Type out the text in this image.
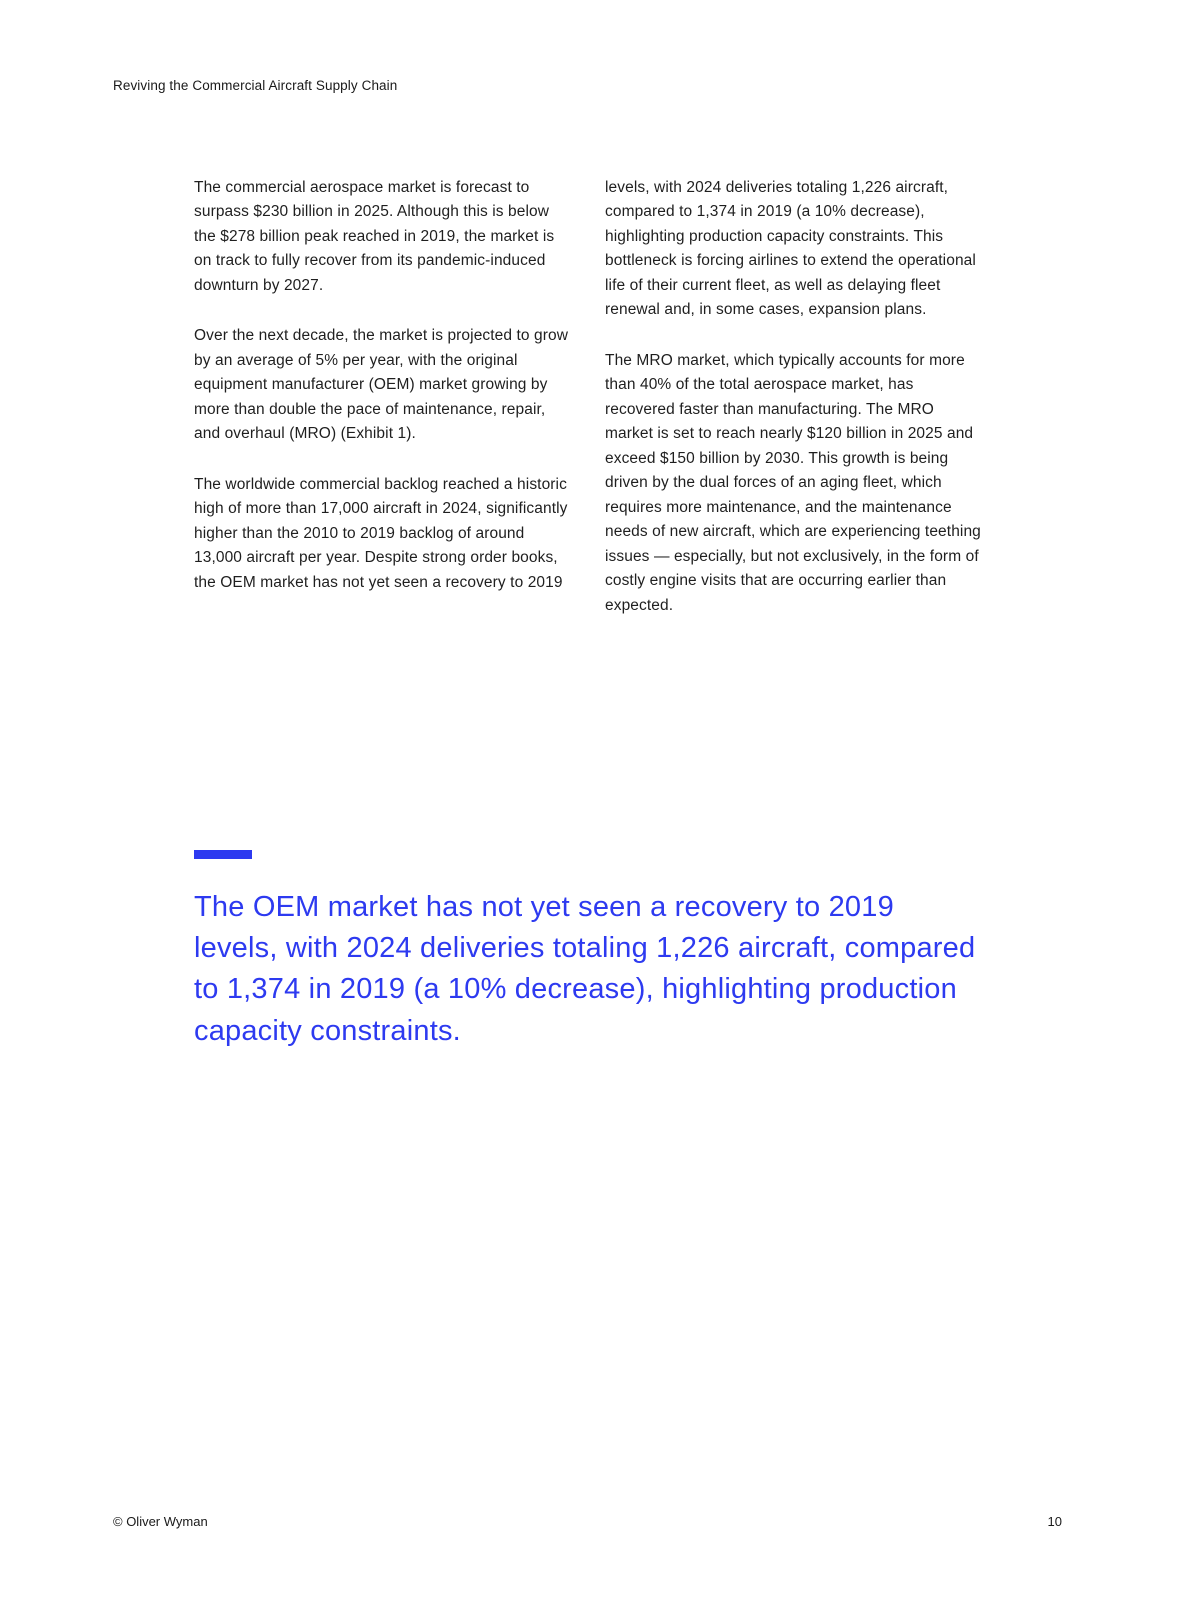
Reviving the Commercial Aircraft Supply Chain

The commercial aerospace market is forecast to surpass $230 billion in 2025. Although this is below the $278 billion peak reached in 2019, the market is on track to fully recover from its pandemic-induced downturn by 2027.

Over the next decade, the market is projected to grow by an average of 5% per year, with the original equipment manufacturer (OEM) market growing by more than double the pace of maintenance, repair, and overhaul (MRO) (Exhibit 1).

The worldwide commercial backlog reached a historic high of more than 17,000 aircraft in 2024, significantly higher than the 2010 to 2019 backlog of around 13,000 aircraft per year. Despite strong order books, the OEM market has not yet seen a recovery to 2019

levels, with 2024 deliveries totaling 1,226 aircraft, compared to 1,374 in 2019 (a 10% decrease), highlighting production capacity constraints. This bottleneck is forcing airlines to extend the operational life of their current fleet, as well as delaying fleet renewal and, in some cases, expansion plans.

The MRO market, which typically accounts for more than 40% of the total aerospace market, has recovered faster than manufacturing. The MRO market is set to reach nearly $120 billion in 2025 and exceed $150 billion by 2030. This growth is being driven by the dual forces of an aging fleet, which requires more maintenance, and the maintenance needs of new aircraft, which are experiencing teething issues — especially, but not exclusively, in the form of costly engine visits that are occurring earlier than expected.

The OEM market has not yet seen a recovery to 2019 levels, with 2024 deliveries totaling 1,226 aircraft, compared to 1,374 in 2019 (a 10% decrease), highlighting production capacity constraints.
© Oliver Wyman	10
